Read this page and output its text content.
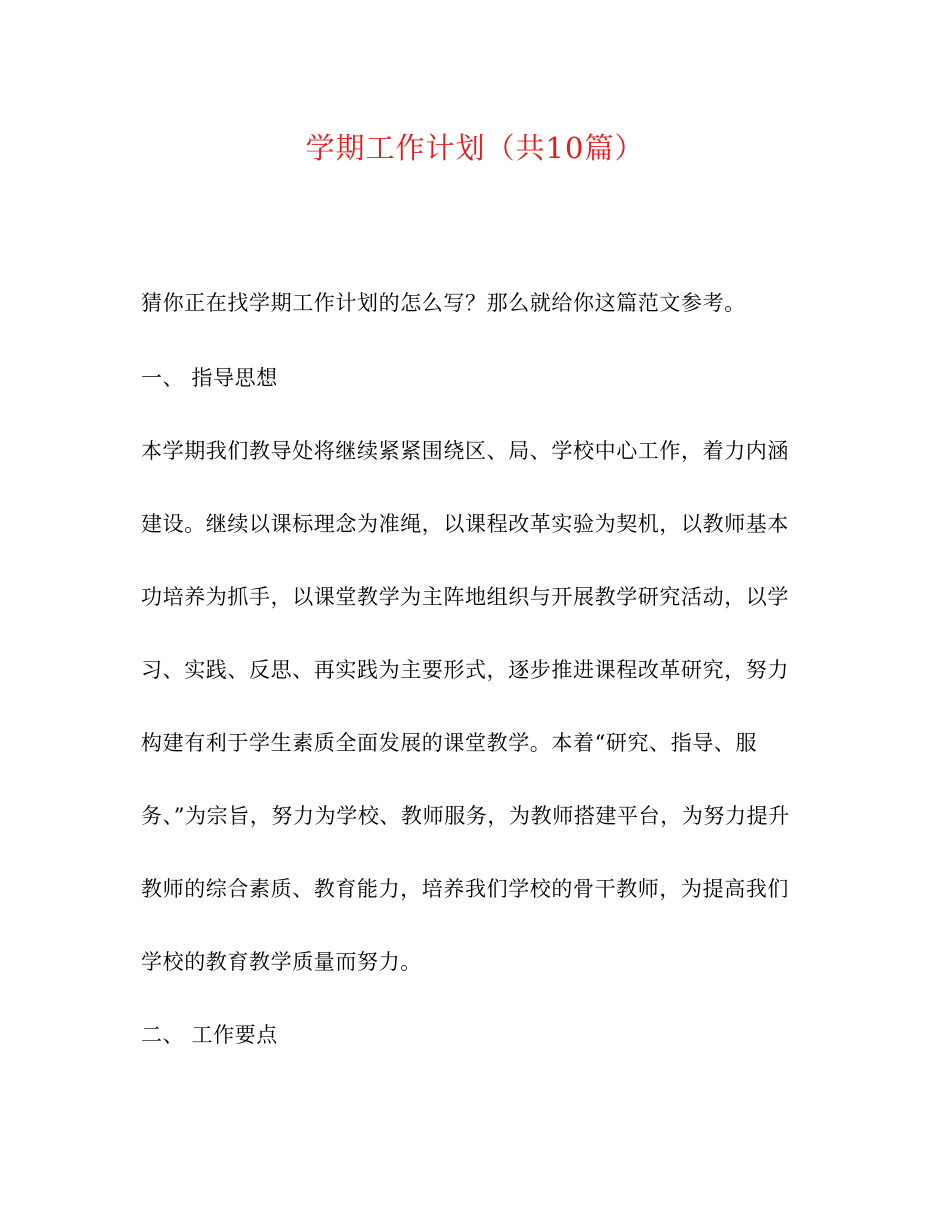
学期工作计划（共10篇）
猜你正在找学期工作计划的怎么写？那么就给你这篇范文参考。
一、 指导思想
本学期我们教导处将继续紧紧围绕区、局、学校中心工作，着力内涵
建设。继续以课标理念为准绳，以课程改革实验为契机，以教师基本
功培养为抓手，以课堂教学为主阵地组织与开展教学研究活动，以学
习、实践、反思、再实践为主要形式，逐步推进课程改革研究，努力
构建有利于学生素质全面发展的课堂教学。本着“研究、指导、服
务、”为宗旨，努力为学校、教师服务，为教师搭建平台，为努力提升
教师的综合素质、教育能力，培养我们学校的骨干教师，为提高我们
学校的教育教学质量而努力。
二、 工作要点
